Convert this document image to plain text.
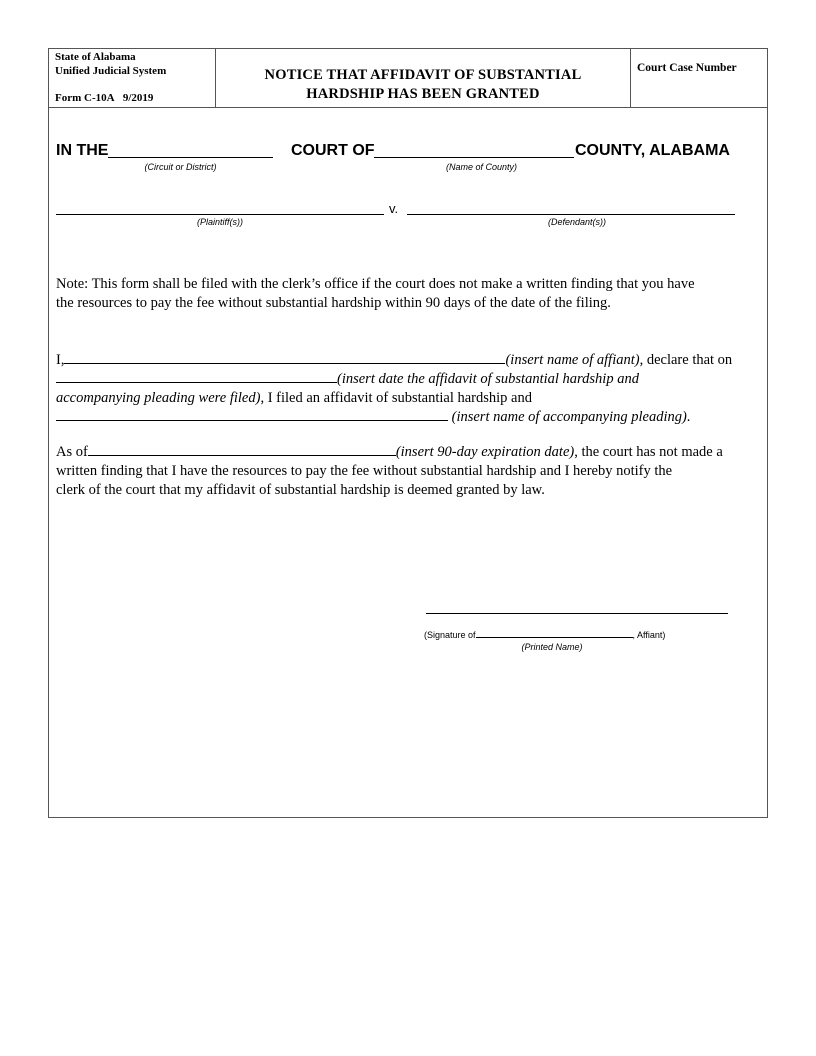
State of Alabama
Unified Judicial System
Form C-10A 9/2019
NOTICE THAT AFFIDAVIT OF SUBSTANTIAL
HARDSHIP HAS BEEN GRANTED
Court Case Number
IN THE
(Circuit or District)
COURT OF
(Name of County)
COUNTY, ALABAMA
v.
(Plaintiff(s))	(Defendant(s))
Note: This form shall be filed with the clerk’s office if the court does not make a written finding that you have
the resources to pay the fee without substantial hardship within 90 days of the date of the filing.
I,	(insert name of affiant), declare that on
(insert date the affidavit of substantial hardship and
accompanying pleading were filed), I filed an affidavit of substantial hardship and
(insert name of accompanying pleading).
As of	(insert 90-day expiration date), the court has not made a
written finding that I have the resources to pay the fee without substantial hardship and I hereby notify the
clerk of the court that my affidavit of substantial hardship is deemed granted by law.
(Signature of	, Affiant)
(Printed Name)
